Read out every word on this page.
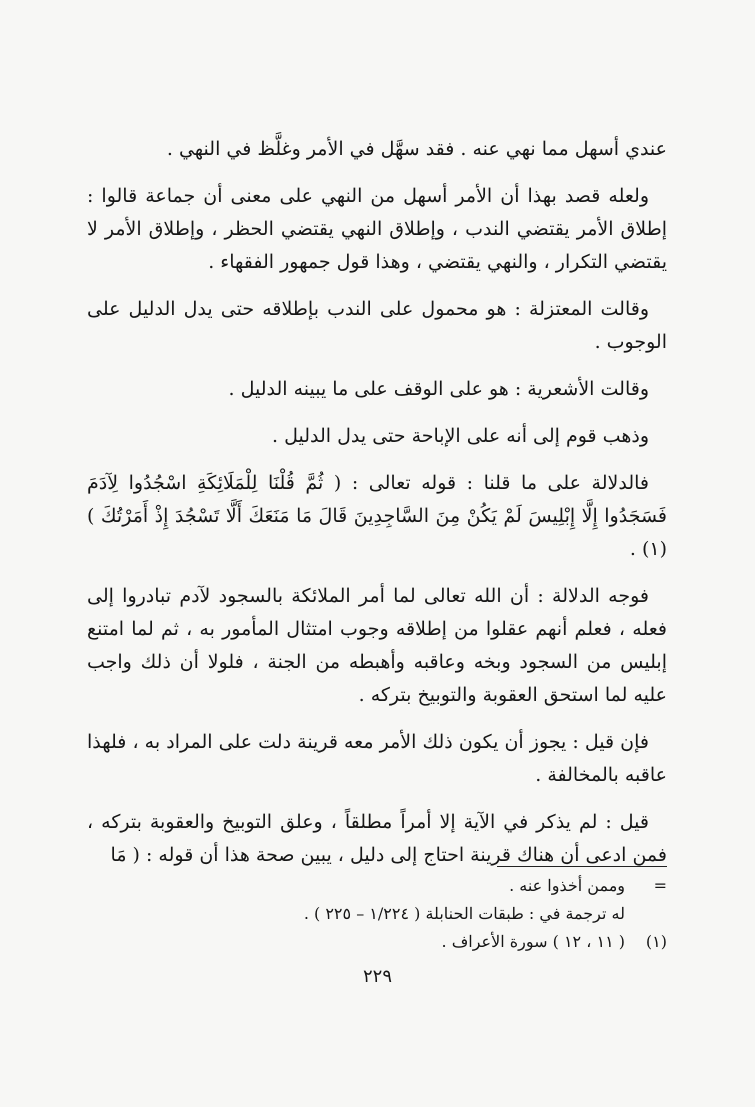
عندي أسهل مما نهي عنه . فقد سهَّل في الأمر وغلَّظ في النهي .

ولعله قصد بهذا أن الأمر أسهل من النهي على معنى أن جماعة قالوا : إطلاق الأمر يقتضي الندب ، وإطلاق النهي يقتضي الحظر ، وإطلاق الأمر لا يقتضي التكرار ، والنهي يقتضي ، وهذا قول جمهور الفقهاء .

وقالت المعتزلة : هو محمول على الندب بإطلاقه حتى يدل الدليل على الوجوب .

وقالت الأشعرية : هو على الوقف على ما يبينه الدليل .

وذهب قوم إلى أنه على الإباحة حتى يدل الدليل .

فالدلالة على ما قلنا : قوله تعالى : ( ثُمَّ قُلْنَا لِلْمَلَائِكَةِ اسْجُدُوا لِآدَمَ فَسَجَدُوا إِلَّا إِبْلِيسَ لَمْ يَكُنْ مِنَ السَّاجِدِينَ قَالَ مَا مَنَعَكَ أَلَّا تَسْجُدَ إِذْ أَمَرْتُكَ ) (١) .

فوجه الدلالة : أن الله تعالى لما أمر الملائكة بالسجود لآدم تبادروا إلى فعله ، فعلم أنهم عقلوا من إطلاقه وجوب امتثال المأمور به ، ثم لما امتنع إبليس من السجود وبخه وعاقبه وأهبطه من الجنة ، فلولا أن ذلك واجب عليه لما استحق العقوبة والتوبيخ بتركه .

فإن قيل : يجوز أن يكون ذلك الأمر معه قرينة دلت على المراد به ، فلهذا عاقبه بالمخالفة .

قيل : لم يذكر في الآية إلا أمراً مطلقاً ، وعلق التوبيخ والعقوبة بتركه ، فمن ادعى أن هناك قرينة احتاج إلى دليل ، يبين صحة هذا أن قوله : ( مَا

=
وممن أخذوا عنه .
له ترجمة في : طبقات الحنابلة ( ١/٢٢٤ – ٢٢٥ ) .
(١)
( ١١ ، ١٢ ) سورة الأعراف .
٢٢٩
